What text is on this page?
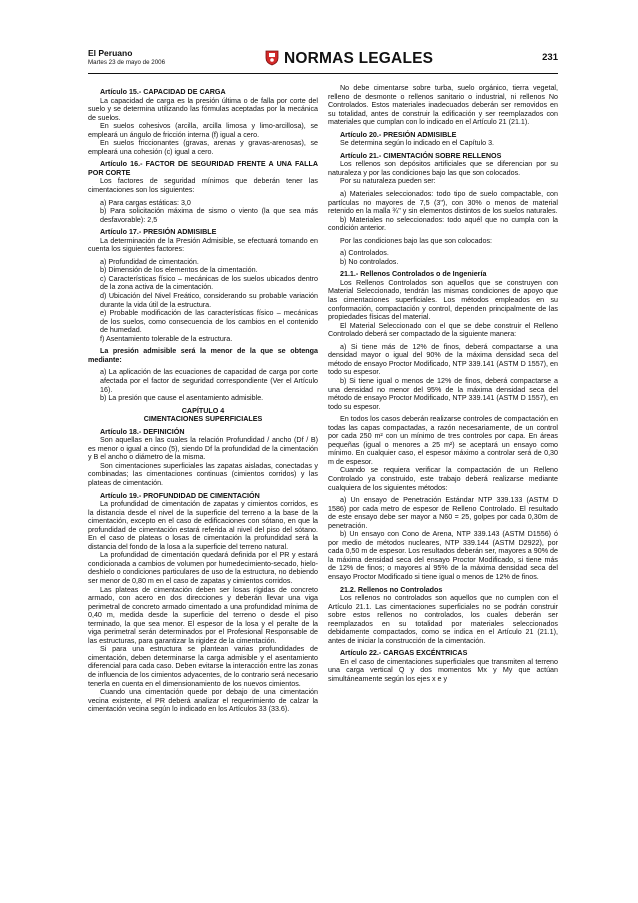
El Peruano
Martes 23 de mayo de 2006	NORMAS LEGALES	231

Artículo 15.- CAPACIDAD DE CARGA

La capacidad de carga es la presión última o de falla por corte del suelo y se determina utilizando las fórmulas aceptadas por la mecánica de suelos.

En suelos cohesivos (arcilla, arcilla limosa y limo-arcillosa), se empleará un ángulo de fricción interna (f) igual a cero.

En suelos friccionantes (gravas, arenas y gravas-arenosas), se empleará una cohesión (c) igual a cero.

Artículo 16.- FACTOR DE SEGURIDAD FRENTE A UNA FALLA POR CORTE

Los factores de seguridad mínimos que deberán tener las cimentaciones son los siguientes:

a) Para cargas estáticas: 3,0

b) Para solicitación máxima de sismo o viento (la que sea más desfavorable): 2,5

Artículo 17.- PRESIÓN ADMISIBLE

La determinación de la Presión Admisible, se efectuará tomando en cuenta los siguientes factores:

a) Profundidad de cimentación.

b) Dimensión de los elementos de la cimentación.

c) Características físico – mecánicas de los suelos ubicados dentro de la zona activa de la cimentación.

d) Ubicación del Nivel Freático, considerando su probable variación durante la vida útil de la estructura.

e) Probable modificación de las características físico – mecánicas de los suelos, como consecuencia de los cambios en el contenido de humedad.

f) Asentamiento tolerable de la estructura.

La presión admisible será la menor de la que se obtenga mediante:

a) La aplicación de las ecuaciones de capacidad de carga por corte afectada por el factor de seguridad correspondiente (Ver el Artículo 16).

b) La presión que cause el asentamiento admisible.

CAPÍTULO 4

CIMENTACIONES SUPERFICIALES

Artículo 18.- DEFINICIÓN

Son aquellas en las cuales la relación Profundidad / ancho (Df / B) es menor o igual a cinco (5), siendo Df la profundidad de la cimentación y B el ancho o diámetro de la misma.

Son cimentaciones superficiales las zapatas aisladas, conectadas y combinadas; las cimentaciones continuas (cimientos corridos) y las plateas de cimentación.

Artículo 19.- PROFUNDIDAD DE CIMENTACIÓN

La profundidad de cimentación de zapatas y cimientos corridos, es la distancia desde el nivel de la superficie del terreno a la base de la cimentación, excepto en el caso de edificaciones con sótano, en que la profundidad de cimentación estará referida al nivel del piso del sótano. En el caso de plateas o losas de cimentación la profundidad será la distancia del fondo de la losa a la superficie del terreno natural.

La profundidad de cimentación quedará definida por el PR y estará condicionada a cambios de volumen por humedecimiento-secado, hielo-deshielo o condiciones particulares de uso de la estructura, no debiendo ser menor de 0,80 m en el caso de zapatas y cimientos corridos.

Las plateas de cimentación deben ser losas rígidas de concreto armado, con acero en dos direcciones y deberán llevar una viga perimetral de concreto armado cimentado a una profundidad mínima de 0,40 m, medida desde la superficie del terreno o desde el piso terminado, la que sea menor. El espesor de la losa y el peralte de la viga perimetral serán determinados por el Profesional Responsable de las estructuras, para garantizar la rigidez de la cimentación.

Si para una estructura se plantean varias profundidades de cimentación, deben determinarse la carga admisible y el asentamiento diferencial para cada caso. Deben evitarse la interacción entre las zonas de influencia de los cimientos adyacentes, de lo contrario será necesario tenerla en cuenta en el dimensionamiento de los nuevos cimientos.

Cuando una cimentación quede por debajo de una cimentación vecina existente, el PR deberá analizar el requerimiento de calzar la cimentación vecina según lo indicado en los Artículos 33 (33.6).

No debe cimentarse sobre turba, suelo orgánico, tierra vegetal, relleno de desmonte o rellenos sanitario o industrial, ni rellenos No Controlados. Estos materiales inadecuados deberán ser removidos en su totalidad, antes de construir la edificación y ser reemplazados con materiales que cumplan con lo indicado en el Artículo 21 (21.1).

Artículo 20.- PRESIÓN ADMISIBLE

Se determina según lo indicado en el Capítulo 3.

Artículo 21.- CIMENTACIÓN SOBRE RELLENOS

Los rellenos son depósitos artificiales que se diferencian por su naturaleza y por las condiciones bajo las que son colocados.

Por su naturaleza pueden ser:

a) Materiales seleccionados: todo tipo de suelo compactable, con partículas no mayores de 7,5 (3"), con 30% o menos de material retenido en la malla ¾" y sin elementos distintos de los suelos naturales.

b) Materiales no seleccionados: todo aquél que no cumpla con la condición anterior.

Por las condiciones bajo las que son colocados:

a) Controlados.

b) No controlados.

21.1.- Rellenos Controlados o de Ingeniería

Los Rellenos Controlados son aquellos que se construyen con Material Seleccionado, tendrán las mismas condiciones de apoyo que las cimentaciones superficiales. Los métodos empleados en su conformación, compactación y control, dependen principalmente de las propiedades físicas del material.

El Material Seleccionado con el que se debe construir el Relleno Controlado deberá ser compactado de la siguiente manera:

a) Si tiene más de 12% de finos, deberá compactarse a una densidad mayor o igual del 90% de la máxima densidad seca del método de ensayo Proctor Modificado, NTP 339.141 (ASTM D 1557), en todo su espesor.

b) Si tiene igual o menos de 12% de finos, deberá compactarse a una densidad no menor del 95% de la máxima densidad seca del método de ensayo Proctor Modificado, NTP 339.141 (ASTM D 1557), en todo su espesor.

En todos los casos deberán realizarse controles de compactación en todas las capas compactadas, a razón necesariamente, de un control por cada 250 m² con un mínimo de tres controles por capa. En áreas pequeñas (igual o menores a 25 m²) se aceptará un ensayo como mínimo. En cualquier caso, el espesor máximo a controlar será de 0,30 m de espesor.

Cuando se requiera verificar la compactación de un Relleno Controlado ya construido, este trabajo deberá realizarse mediante cualquiera de los siguientes métodos:

a) Un ensayo de Penetración Estándar NTP 339.133 (ASTM D 1586) por cada metro de espesor de Relleno Controlado. El resultado de este ensayo debe ser mayor a N60 = 25, golpes por cada 0,30m de penetración.

b) Un ensayo con Cono de Arena, NTP 339.143 (ASTM D1556) ó por medio de métodos nucleares, NTP 339.144 (ASTM D2922), por cada 0,50 m de espesor. Los resultados deberán ser, mayores a 90% de la máxima densidad seca del ensayo Proctor Modificado, si tiene más de 12% de finos; o mayores al 95% de la máxima densidad seca del ensayo Proctor Modificado si tiene igual o menos de 12% de finos.

21.2. Rellenos no Controlados

Los rellenos no controlados son aquellos que no cumplen con el Artículo 21.1. Las cimentaciones superficiales no se podrán construir sobre estos rellenos no controlados, los cuales deberán ser reemplazados en su totalidad por materiales seleccionados debidamente compactados, como se indica en el Artículo 21 (21.1), antes de iniciar la construcción de la cimentación.

Artículo 22.- CARGAS EXCÉNTRICAS

En el caso de cimentaciones superficiales que transmiten al terreno una carga vertical Q y dos momentos Mx y My que actúan simultáneamente según los ejes x e y
